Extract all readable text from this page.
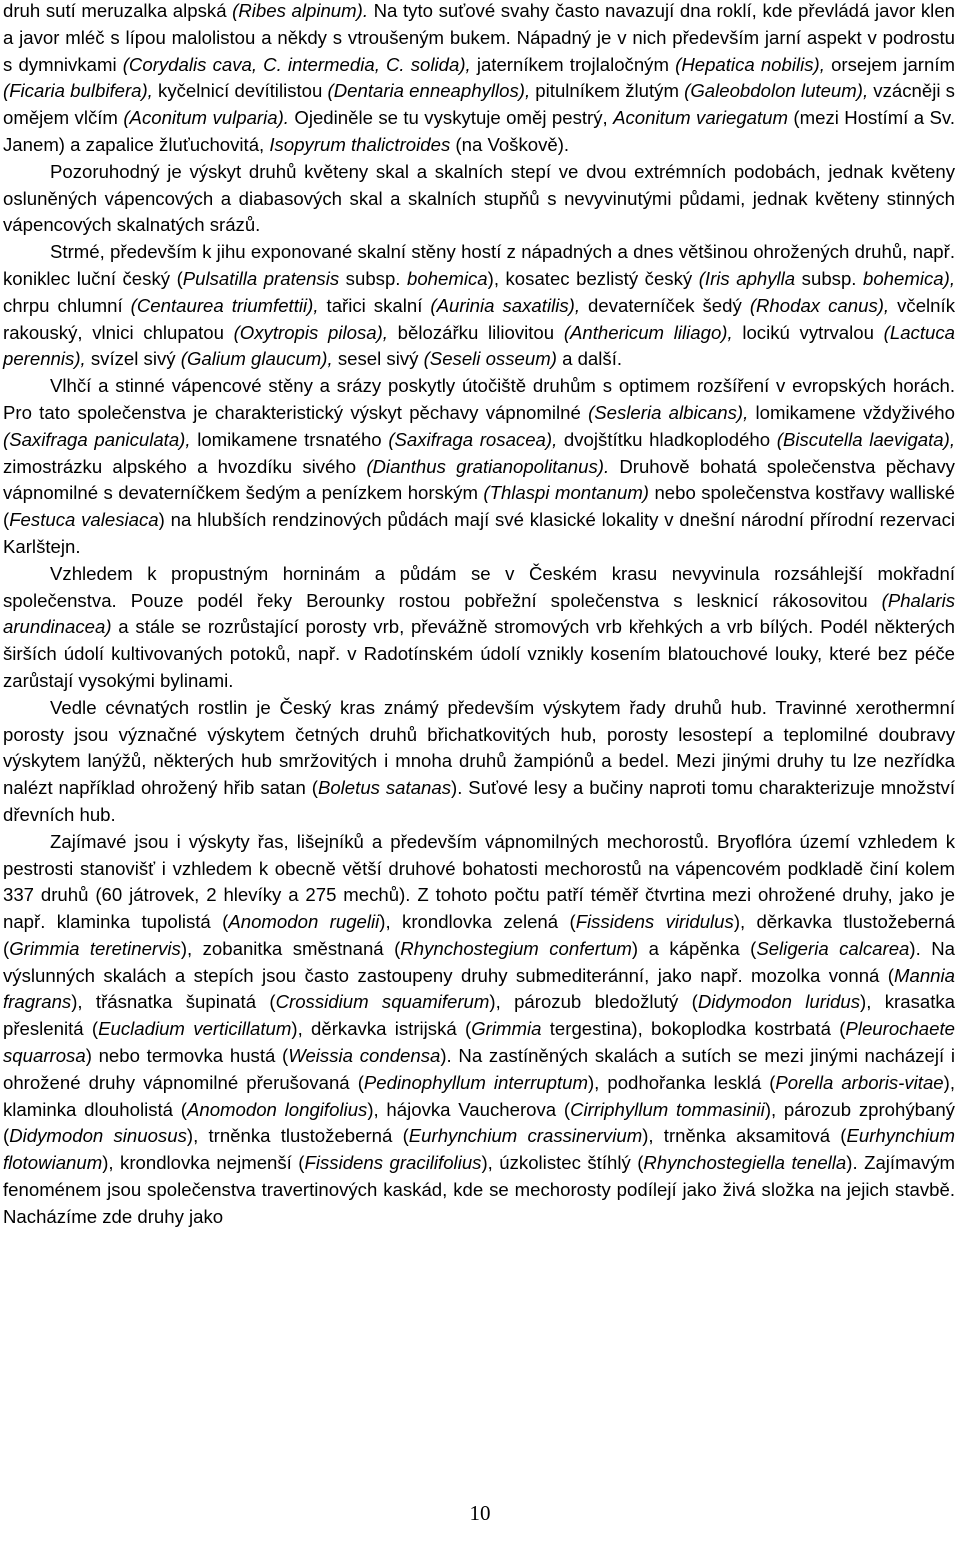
druh sutí meruzalka alpská (Ribes alpinum). Na tyto suťové svahy často navazují dna roklí, kde převládá javor klen a javor mléč s lípou malolistou a někdy s vtroušeným bukem. Nápadný je v nich především jarní aspekt v podrostu s dymnivkami (Corydalis cava, C. intermedia, C. solida), jaterníkem trojlaločným (Hepatica nobilis), orsejem jarním (Ficaria bulbifera), kyčelnicí devítilistou (Dentaria enneaphyllos), pitulníkem žlutým (Galeobdolon luteum), vzácněji s omějem vlčím (Aconitum vulparia). Ojediněle se tu vyskytuje oměj pestrý, Aconitum variegatum (mezi Hostímí a Sv. Janem) a zapalice žluťuchovitá, Isopyrum thalictroides (na Voškově).

Pozoruhodný je výskyt druhů květeny skal a skalních stepí ve dvou extrémních podobách, jednak květeny osluněných vápencových a diabasových skal a skalních stupňů s nevyvinutými půdami, jednak květeny stinných vápencových skalnatých srázů.

Strmé, především k jihu exponované skalní stěny hostí z nápadných a dnes většinou ohrožených druhů, např. koniklec luční český (Pulsatilla pratensis subsp. bohemica), kosatec bezlistý český (Iris aphylla subsp. bohemica), chrpu chlumní (Centaurea triumfettii), tařici skalní (Aurinia saxatilis), devaterníček šedý (Rhodax canus), včelník rakouský, vlnici chlupatou (Oxytropis pilosa), bělozářku liliovitou (Anthericum liliago), locikú vytrvalou (Lactuca perennis), svízel sivý (Galium glaucum), sesel sivý (Seseli osseum) a další.

Vlhčí a stinné vápencové stěny a srázy poskytly útočiště druhům s optimem rozšíření v evropských horách. Pro tato společenstva je charakteristický výskyt pěchavy vápnomilné (Sesleria albicans), lomikamene vždyživého (Saxifraga paniculata), lomikamene trsnatého (Saxifraga rosacea), dvojštítku hladkoplodého (Biscutella laevigata), zimostrázku alpského a hvozdíku sivého (Dianthus gratianopolitanus). Druhově bohatá společenstva pěchavy vápnomilné s devaterníčkem šedým a penízkem horským (Thlaspi montanum) nebo společenstva kostřavy walliské (Festuca valesiaca) na hlubších rendzinových půdách mají své klasické lokality v dnešní národní přírodní rezervaci Karlštejn.

Vzhledem k propustným horninám a půdám se v Českém krasu nevyvinula rozsáhlejší mokřadní společenstva. Pouze podél řeky Berounky rostou pobřežní společenstva s lesknicí rákosovitou (Phalaris arundinacea) a stále se rozrůstající porosty vrb, převážně stromových vrb křehkých a vrb bílých. Podél některých širších údolí kultivovaných potoků, např. v Radotínském údolí vznikly kosením blatouchové louky, které bez péče zarůstají vysokými bylinami.

Vedle cévnatých rostlin je Český kras známý především výskytem řady druhů hub. Travinné xerothermní porosty jsou význačné výskytem četných druhů břichatkovitých hub, porosty lesostepí a teplomilné doubravy výskytem lanýžů, některých hub smržovitých i mnoha druhů žampiónů a bedel. Mezi jinými druhy tu lze nezřídka nalézt například ohrožený hřib satan (Boletus satanas). Suťové lesy a bučiny naproti tomu charakterizuje množství dřevních hub.

Zajímavé jsou i výskyty řas, lišejníků a především vápnomilných mechorostů. Bryoflóra území vzhledem k pestrosti stanovišť i vzhledem k obecně větší druhové bohatosti mechorostů na vápencovém podkladě činí kolem 337 druhů (60 játrovek, 2 hlevíky a 275 mechů). Z tohoto počtu patří téměř čtvrtina mezi ohrožené druhy, jako je např. klaminka tupolistá (Anomodon rugelii), krondlovka zelená (Fissidens viridulus), děrkavka tlustožeberná (Grimmia teretinervis), zobanitka směstnaná (Rhynchostegium confertum) a kápěnka (Seligeria calcarea). Na výslunných skalách a stepích jsou často zastoupeny druhy submediteránní, jako např. mozolka vonná (Mannia fragrans), třásnatka šupinatá (Crossidium squamiferum), pározub bledožlutý (Didymodon luridus), krasatka přeslenitá (Eucladium verticillatum), děrkavka istrijská (Grimmia tergestina), bokoplodka kostrbatá (Pleurochaete squarrosa) nebo termovka hustá (Weissia condensa). Na zastíněných skalách a sutích se mezi jinými nacházejí i ohrožené druhy vápnomilné přerušovaná (Pedinophyllum interruptum), podhořanka lesklá (Porella arboris-vitae), klaminka dlouholistá (Anomodon longifolius), hájovka Vaucherova (Cirriphyllum tommasinii), pározub zprohýbaný (Didymodon sinuosus), trněnka tlustožeberná (Eurhynchium crassinervium), trněnka aksamitová (Eurhynchium flotowianum), krondlovka nejmenší (Fissidens gracilifolius), úzkolistec štíhlý (Rhynchostegiella tenella). Zajímavým fenoménem jsou společenstva travertinových kaskád, kde se mechorosty podílejí jako živá složka na jejich stavbě. Nacházíme zde druhy jako

10
